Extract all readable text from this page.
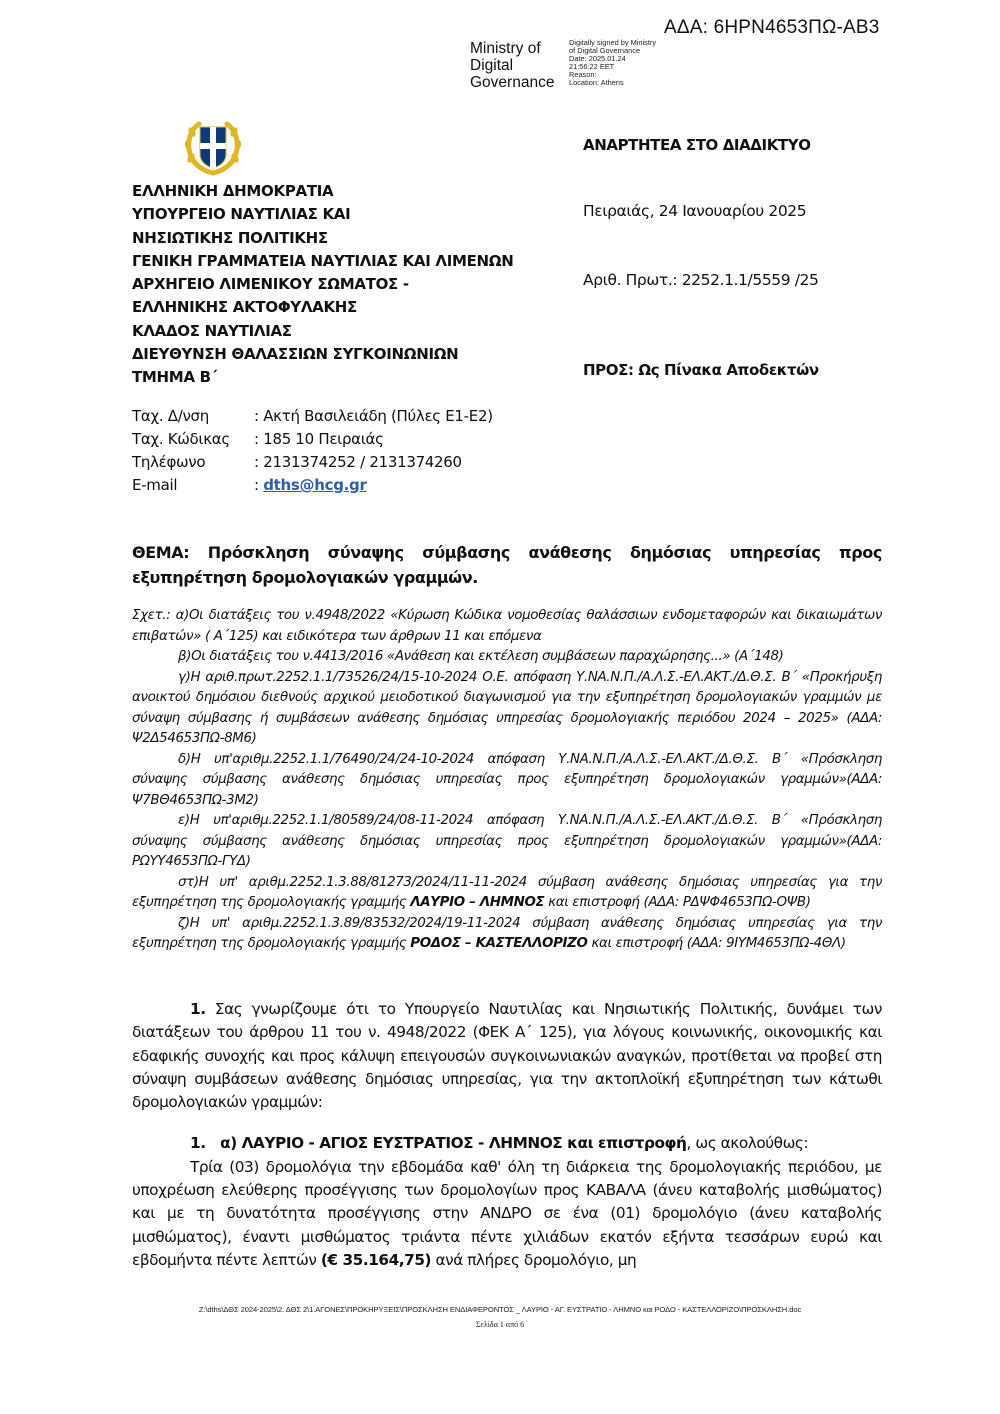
ΑΔΑ: 6ΗΡΝ4653ΠΩ-ΑΒ3
Ministry of
Digital
Governance
Digitally signed by Ministry
of Digital Governance
Date: 2025.01.24
21:56:22 EET
Reason:
Location: Athens
ΕΛΛΗΝΙΚΗ ΔΗΜΟΚΡΑΤΙΑ
ΥΠΟΥΡΓΕΙΟ ΝΑΥΤΙΛΙΑΣ ΚΑΙ
ΝΗΣΙΩΤΙΚΗΣ ΠΟΛΙΤΙΚΗΣ
ΓΕΝΙΚΗ ΓΡΑΜΜΑΤΕΙΑ ΝΑΥΤΙΛΙΑΣ ΚΑΙ ΛΙΜΕΝΩΝ
ΑΡΧΗΓΕΙΟ ΛΙΜΕΝΙΚΟΥ ΣΩΜΑΤΟΣ -
ΕΛΛΗΝΙΚΗΣ ΑΚΤΟΦΥΛΑΚΗΣ
ΚΛΑΔΟΣ ΝΑΥΤΙΛΙΑΣ
ΔΙΕΥΘΥΝΣΗ ΘΑΛΑΣΣΙΩΝ ΣΥΓΚΟΙΝΩΝΙΩΝ
ΤΜΗΜΑ Β΄
ΑΝΑΡΤΗΤΕΑ ΣΤΟ ΔΙΑΔΙΚΤΥΟ
Πειραιάς, 24 Ιανουαρίου 2025
Αριθ. Πρωτ.: 2252.1.1/5559 /25
ΠΡΟΣ: Ως Πίνακα Αποδεκτών
Ταχ. Δ/νση	: Ακτή Βασιλειάδη (Πύλες Ε1-Ε2)
Ταχ. Κώδικας	: 185 10 Πειραιάς
Τηλέφωνο	: 2131374252 / 2131374260
E-mail	: dths@hcg.gr
ΘΕΜΑ: Πρόσκληση σύναψης σύμβασης ανάθεσης δημόσιας υπηρεσίας προς εξυπηρέτηση δρομολογιακών γραμμών.

Σχετ.: α)Οι διατάξεις του ν.4948/2022 «Κύρωση Κώδικα νομοθεσίας θαλάσσιων ενδομεταφορών και δικαιωμάτων επιβατών» ( Α΄125) και ειδικότερα των άρθρων 11 και επόμενα

β)Οι διατάξεις του ν.4413/2016 «Ανάθεση και εκτέλεση συμβάσεων παραχώρησης...» (Α΄148)

γ)Η αριθ.πρωτ.2252.1.1/73526/24/15-10-2024 Ο.Ε. απόφαση Υ.ΝΑ.Ν.Π./Α.Λ.Σ.-ΕΛ.ΑΚΤ./Δ.Θ.Σ. Β΄ «Προκήρυξη ανοικτού δημόσιου διεθνούς αρχικού μειοδοτικού διαγωνισμού για την εξυπηρέτηση δρομολογιακών γραμμών με σύναψη σύμβασης ή συμβάσεων ανάθεσης δημόσιας υπηρεσίας δρομολογιακής περιόδου 2024 – 2025» (ΑΔΑ: Ψ2Δ54653ΠΩ-8Μ6)

δ)Η υπ'αριθμ.2252.1.1/76490/24/24-10-2024 απόφαση Υ.ΝΑ.Ν.Π./Α.Λ.Σ.-ΕΛ.ΑΚΤ./Δ.Θ.Σ. Β΄ «Πρόσκληση σύναψης σύμβασης ανάθεσης δημόσιας υπηρεσίας προς εξυπηρέτηση δρομολογιακών γραμμών»(ΑΔΑ: Ψ7ΒΘ4653ΠΩ-3Μ2)

ε)Η υπ'αριθμ.2252.1.1/80589/24/08-11-2024 απόφαση Υ.ΝΑ.Ν.Π./Α.Λ.Σ.-ΕΛ.ΑΚΤ./Δ.Θ.Σ. Β΄ «Πρόσκληση σύναψης σύμβασης ανάθεσης δημόσιας υπηρεσίας προς εξυπηρέτηση δρομολογιακών γραμμών»(ΑΔΑ: ΡΩΥΥ4653ΠΩ-ΓΥΔ)

στ)Η υπ' αριθμ.2252.1.3.88/81273/2024/11-11-2024 σύμβαση ανάθεσης δημόσιας υπηρεσίας για την εξυπηρέτηση της δρομολογιακής γραμμής ΛΑΥΡΙΟ – ΛΗΜΝΟΣ και επιστροφή (ΑΔΑ: ΡΔΨΦ4653ΠΩ-ΟΨΒ)

ζ)Η υπ' αριθμ.2252.1.3.89/83532/2024/19-11-2024 σύμβαση ανάθεσης δημόσιας υπηρεσίας για την εξυπηρέτηση της δρομολογιακής γραμμής ΡΟΔΟΣ – ΚΑΣΤΕΛΛΟΡΙΖΟ και επιστροφή (ΑΔΑ: 9ΙΥΜ4653ΠΩ-4ΘΛ)

1. Σας γνωρίζουμε ότι το Υπουργείο Ναυτιλίας και Νησιωτικής Πολιτικής, δυνάμει των διατάξεων του άρθρου 11 του ν. 4948/2022 (ΦΕΚ Α΄ 125), για λόγους κοινωνικής, οικονομικής και εδαφικής συνοχής και προς κάλυψη επειγουσών συγκοινωνιακών αναγκών, προτίθεται να προβεί στη σύναψη συμβάσεων ανάθεσης δημόσιας υπηρεσίας, για την ακτοπλοϊκή εξυπηρέτηση των κάτωθι δρομολογιακών γραμμών:

1.   α) ΛΑΥΡΙΟ - ΑΓΙΟΣ ΕΥΣΤΡΑΤΙΟΣ - ΛΗΜΝΟΣ και επιστροφή, ως ακολούθως:

Τρία (03) δρομολόγια την εβδομάδα καθ' όλη τη διάρκεια της δρομολογιακής περιόδου, με υποχρέωση ελεύθερης προσέγγισης των δρομολογίων προς ΚΑΒΑΛΑ (άνευ καταβολής μισθώματος) και με τη δυνατότητα προσέγγισης στην ΑΝΔΡΟ σε ένα (01) δρομολόγιο (άνευ καταβολής μισθώματος), έναντι μισθώματος τριάντα πέντε χιλιάδων εκατόν εξήντα τεσσάρων ευρώ και εβδομήντα πέντε λεπτών (€ 35.164,75) ανά πλήρες δρομολόγιο, μη

Z:\dths\ΔΘΣ 2024-2025\2. ΔΘΣ 2\1.ΑΓΟΝΕΣ\ΠΡΟΚΗΡΥΞΕΙΣ\ΠΡΟΣΚΛΗΣΗ ΕΝΔΙΑΦΕΡΟΝΤΟΣ _ ΛΑΥΡΙΟ - ΑΓ. ΕΥΣΤΡΑΤΙΟ - ΛΗΜΝΟ και ΡΟΔΟ - ΚΑΣΤΕΛΛΟΡΙΖΟ\ΠΡΟΣΚΛΗΣΗ.doc
Σελίδα 1 από 6
